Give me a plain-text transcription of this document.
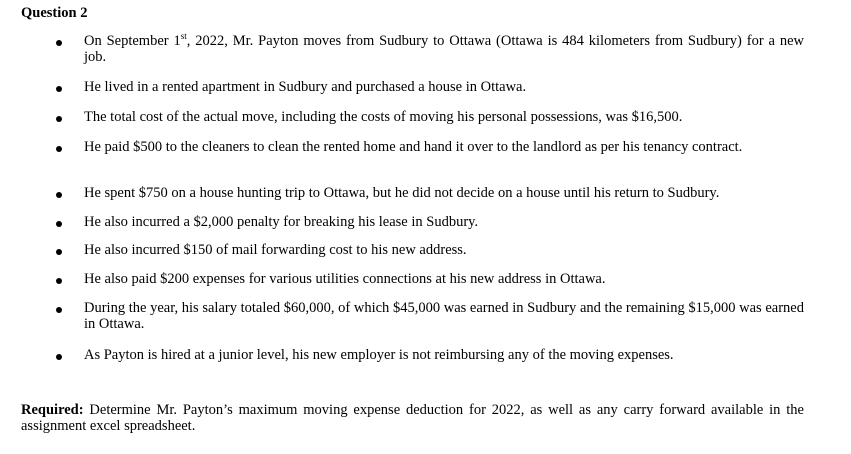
Question 2
On September 1st, 2022, Mr. Payton moves from Sudbury to Ottawa (Ottawa is 484 kilometers from Sudbury) for a new job.
He lived in a rented apartment in Sudbury and purchased a house in Ottawa.
The total cost of the actual move, including the costs of moving his personal possessions, was $16,500.
He paid $500 to the cleaners to clean the rented home and hand it over to the landlord as per his tenancy contract.
He spent $750 on a house hunting trip to Ottawa, but he did not decide on a house until his return to Sudbury.
He also incurred a $2,000 penalty for breaking his lease in Sudbury.
He also incurred $150 of mail forwarding cost to his new address.
He also paid $200 expenses for various utilities connections at his new address in Ottawa.
During the year, his salary totaled $60,000, of which $45,000 was earned in Sudbury and the remaining $15,000 was earned in Ottawa.
As Payton is hired at a junior level, his new employer is not reimbursing any of the moving expenses.
Required: Determine Mr. Payton’s maximum moving expense deduction for 2022, as well as any carry forward available in the assignment excel spreadsheet.
